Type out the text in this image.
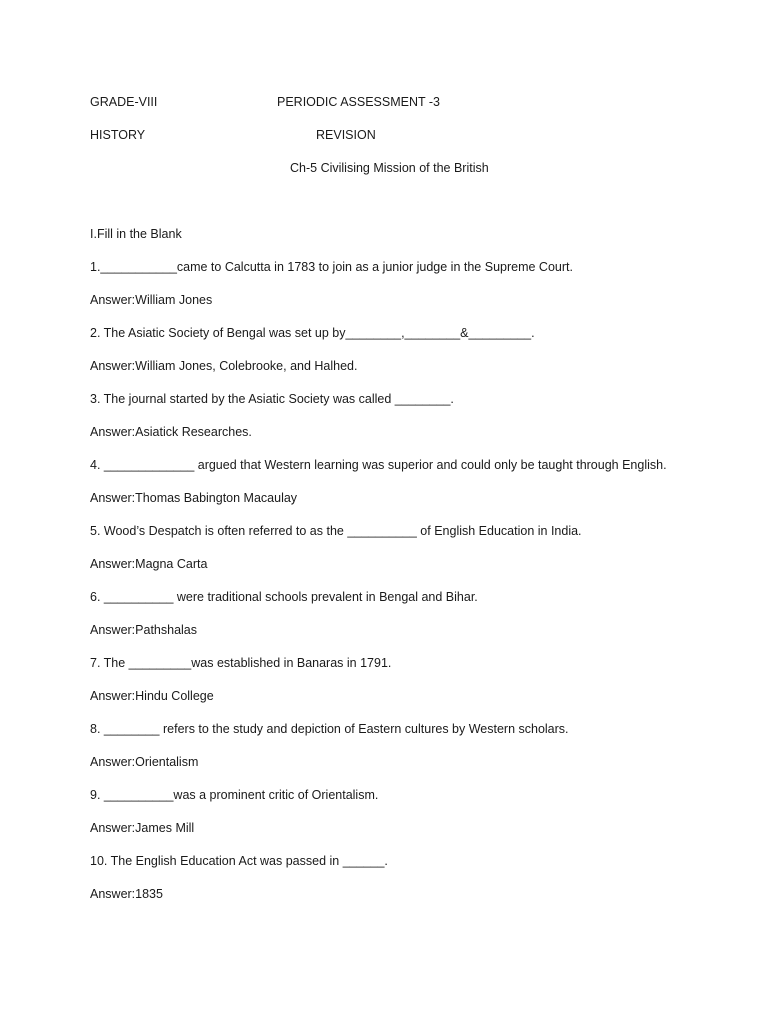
GRADE-VIII	PERIODIC ASSESSMENT -3
HISTORY	REVISION
Ch-5 Civilising Mission of the British
I.Fill in the Blank
1.___________came to Calcutta in 1783 to join as a junior judge in the Supreme Court.
Answer:William Jones
2. The Asiatic Society of Bengal was set up by________,________&_________.
Answer:William Jones, Colebrooke, and Halhed.
3. The journal started by the Asiatic Society was called ________.
Answer:Asiatick Researches.
4. _____________ argued that Western learning was superior and could only be taught through English.
Answer:Thomas Babington Macaulay
5. Wood’s Despatch is often referred to as the __________ of English Education in India.
Answer:Magna Carta
6. __________ were traditional schools prevalent in Bengal and Bihar.
Answer:Pathshalas
7. The _________was established in Banaras in 1791.
Answer:Hindu College
8. ________ refers to the study and depiction of Eastern cultures by Western scholars.
Answer:Orientalism
9. __________was a prominent critic of Orientalism.
Answer:James Mill
10. The English Education Act was passed in ______.
Answer:1835
